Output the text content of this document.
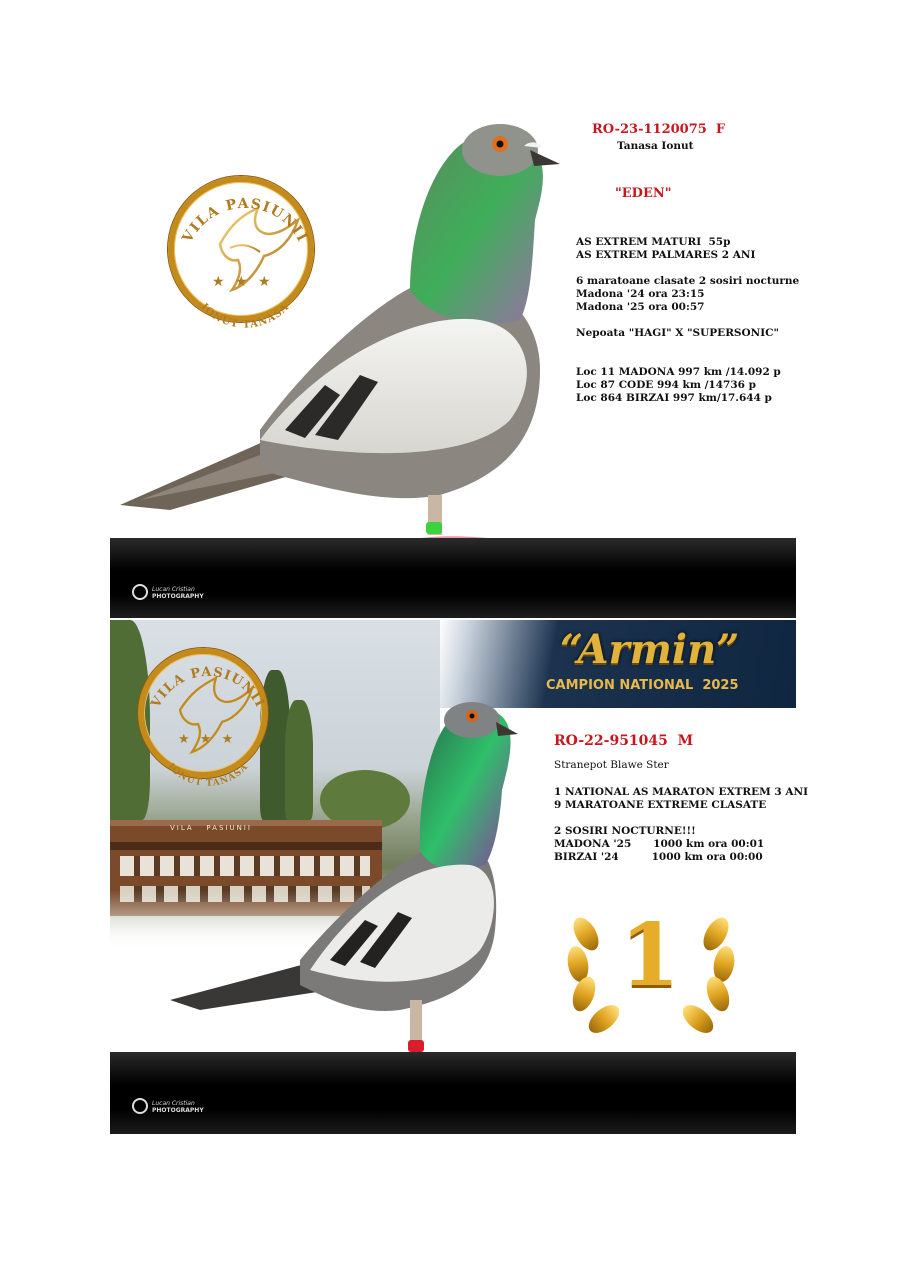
VILA PASIUNII
IONUT TANASA
★ ★ ★
RO-23-1120075  F
Tanasa Ionut
"EDEN"
AS EXTREM MATURI  55p
AS EXTREM PALMARES 2 ANI
6 maratoane clasate 2 sosiri nocturne
Madona '24 ora 23:15
Madona '25 ora 00:57
Nepoata "HAGI" X "SUPERSONIC"
Loc 11 MADONA 997 km /14.092 p
Loc 87 CODE 994 km /14736 p
Loc 864 BIRZAI 997 km/17.644 p
Lucan Cristian
PHOTOGRAPHY
VILA   PASIUNII
“Armin”
CAMPION NATIONAL  2025
VILA PASIUNII
IONUT TANASA
★ ★ ★	RO-22-951045  M
Stranepot Blawe Ster
1 NATIONAL AS MARATON EXTREM 3 ANI
9 MARATOANE EXTREME CLASATE
2 SOSIRI NOCTURNE!!!
MADONA '25      1000 km ora 00:01
BIRZAI '24         1000 km ora 00:00
1
Lucan Cristian
PHOTOGRAPHY
